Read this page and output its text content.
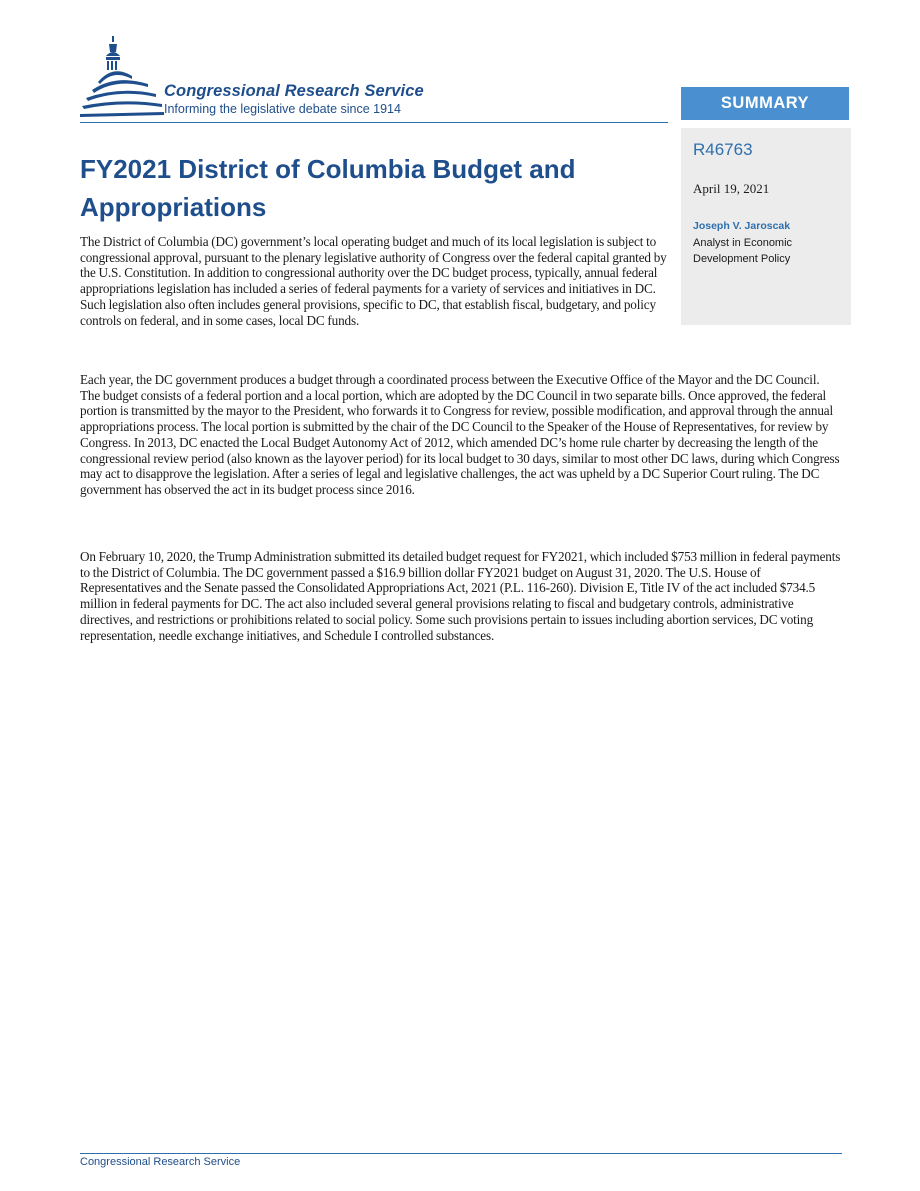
Congressional Research Service
Informing the legislative debate since 1914	SUMMARY
R46763
April 19, 2021
Joseph V. Jaroscak
Analyst in Economic Development Policy
FY2021 District of Columbia Budget and Appropriations

The District of Columbia (DC) government’s local operating budget and much of its local legislation is subject to congressional approval, pursuant to the plenary legislative authority of Congress over the federal capital granted by the U.S. Constitution. In addition to congressional authority over the DC budget process, typically, annual federal appropriations legislation has included a series of federal payments for a variety of services and initiatives in DC. Such legislation also often includes general provisions, specific to DC, that establish fiscal, budgetary, and policy controls on federal, and in some cases, local DC funds.

Each year, the DC government produces a budget through a coordinated process between the Executive Office of the Mayor and the DC Council. The budget consists of a federal portion and a local portion, which are adopted by the DC Council in two separate bills. Once approved, the federal portion is transmitted by the mayor to the President, who forwards it to Congress for review, possible modification, and approval through the annual appropriations process. The local portion is submitted by the chair of the DC Council to the Speaker of the House of Representatives, for review by Congress. In 2013, DC enacted the Local Budget Autonomy Act of 2012, which amended DC’s home rule charter by decreasing the length of the congressional review period (also known as the layover period) for its local budget to 30 days, similar to most other DC laws, during which Congress may act to disapprove the legislation. After a series of legal and legislative challenges, the act was upheld by a DC Superior Court ruling. The DC government has observed the act in its budget process since 2016.

On February 10, 2020, the Trump Administration submitted its detailed budget request for FY2021, which included $753 million in federal payments to the District of Columbia. The DC government passed a $16.9 billion dollar FY2021 budget on August 31, 2020. The U.S. House of Representatives and the Senate passed the Consolidated Appropriations Act, 2021 (P.L. 116-260). Division E, Title IV of the act included $734.5 million in federal payments for DC. The act also included several general provisions relating to fiscal and budgetary controls, administrative directives, and restrictions or prohibitions related to social policy. Some such provisions pertain to issues including abortion services, DC voting representation, needle exchange initiatives, and Schedule I controlled substances.

Congressional Research Service
